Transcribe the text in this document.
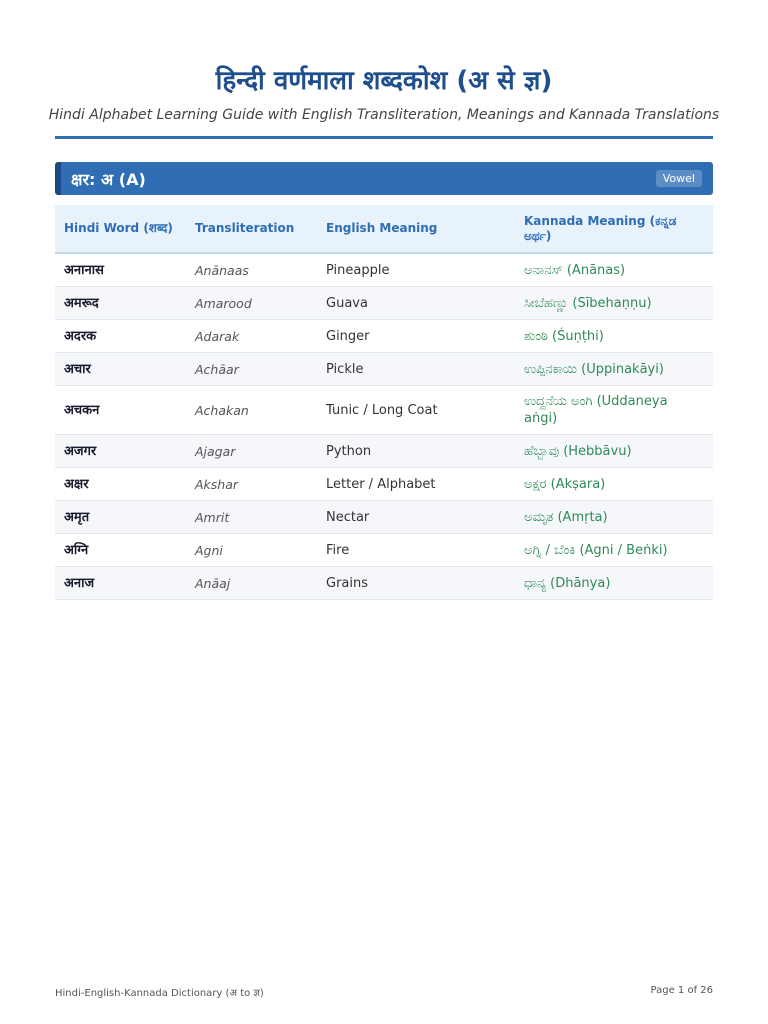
हिन्दी वर्णमाला शब्दकोश (अ से ज्ञ)
Hindi Alphabet Learning Guide with English Transliteration, Meanings and Kannada Translations
क्षर: अ (A)	Vowel
Hindi Word (शब्द)	Transliteration	English Meaning	Kannada Meaning (ಕನ್ನಡ ಅರ್ಥ)
अनानास	Anānaas	Pineapple	ಅನಾನಸ್ (Anānas)
अमरूद	Amarood	Guava	ಸೀಬೆಹಣ್ಣು (Sībehaṇṇu)
अदरक	Adarak	Ginger	ಶುಂಠಿ (Śuṇṭhi)
अचार	Achāar	Pickle	ಉಪ್ಪಿನಕಾಯಿ (Uppinakāyi)
अचकन	Achakan	Tunic / Long Coat	ಉದ್ದನೆಯ ಅಂಗಿ (Uddaneya aṅgi)
अजगर	Ajagar	Python	ಹೆಬ್ಬಾವು (Hebbāvu)
अक्षर	Akshar	Letter / Alphabet	ಅಕ್ಷರ (Akṣara)
अमृत	Amrit	Nectar	ಅಮೃತ (Amṛta)
अग्नि	Agni	Fire	ಅಗ್ನಿ / ಬೆಂಕಿ (Agni / Beṅki)
अनाज	Anāaj	Grains	ಧಾನ್ಯ (Dhānya)
Hindi-English-Kannada Dictionary (अ to ज्ञ)	Page 1 of 26
